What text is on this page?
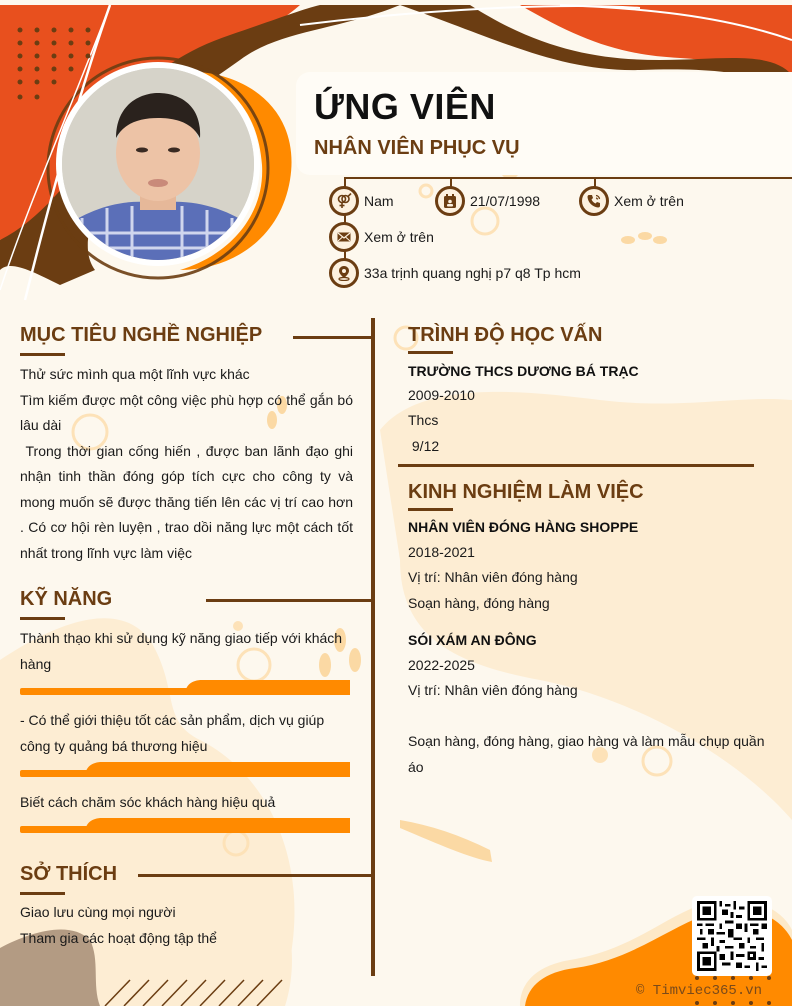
ỨNG VIÊN
NHÂN VIÊN PHỤC VỤ
Nam	21/07/1998	Xem ở trên
Xem ở trên
33a trịnh quang nghị p7 q8 Tp hcm
MỤC TIÊU NGHỀ NGHIỆP
Thử sức mình qua một lĩnh vực khác
Tìm kiếm được một công việc phù hợp có thể gắn bó lâu dài
Trong thời gian cống hiến , được ban lãnh đạo ghi nhận tinh thần đóng góp tích cực cho công ty và mong muốn sẽ được thăng tiến lên các vị trí cao hơn . Có cơ hội rèn luyện , trao dồi năng lực một cách tốt nhất trong lĩnh vực làm việc
KỸ NĂNG
Thành thạo khi sử dụng kỹ năng giao tiếp với khách hàng
- Có thể giới thiệu tốt các sản phẩm, dịch vụ giúp công ty quảng bá thương hiệu
Biết cách chăm sóc khách hàng hiệu quả
SỞ THÍCH
Giao lưu cùng mọi người
Tham gia các hoạt động tập thể
TRÌNH ĐỘ HỌC VẤN
TRƯỜNG THCS DƯƠNG BÁ TRẠC
2009-2010
Thcs
9/12
KINH NGHIỆM LÀM VIỆC
NHÂN VIÊN ĐÓNG HÀNG SHOPPE
2018-2021
Vị trí: Nhân viên đóng hàng
Soạn hàng, đóng hàng
SÓI XÁM AN ĐÔNG
2022-2025
Vị trí: Nhân viên đóng hàng
Soạn hàng, đóng hàng, giao hàng và làm mẫu chụp quần áo
© Timviec365.vn
